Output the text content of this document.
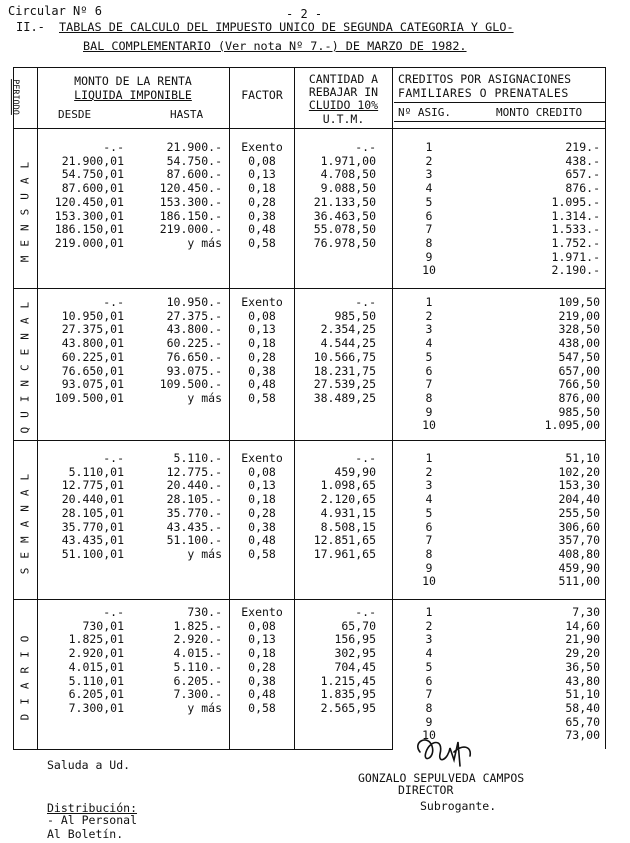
Circular Nº 6	- 2 -
II.- TABLAS DE CALCULO DEL IMPUESTO UNICO DE SEGUNDA CATEGORIA Y GLO-
BAL COMPLEMENTARIO (Ver nota Nº 7.-) DE MARZO DE 1982.
PERIODO	MONTO DE LA RENTA
LIQUIDA IMPONIBLE
DESDE	HASTA
FACTOR
CANTIDAD A
REBAJAR IN
CLUIDO 10%
U.T.M.
CREDITOS POR ASIGNACIONES
FAMILIARES O PRENATALES
Nº ASIG.	MONTO CREDITO
MENSUAL
-.-	21.900.-	Exento	-.-
21.900,01	54.750.-	0,08	1.971,00
54.750,01	87.600.-	0,13	4.708,50
87.600,01	120.450.-	0,18	9.088,50
120.450,01	153.300.-	0,28	21.133,50
153.300,01	186.150.-	0,38	36.463,50
186.150,01	219.000.-	0,48	55.078,50
219.000,01	y más	0,58	76.978,50
1	219.-
2	438.-
3	657.-
4	876.-
5	1.095.-
6	1.314.-
7	1.533.-
8	1.752.-
9	1.971.-
10	2.190.-
QUINCENAL	-.-	10.950.-	Exento	-.-
10.950,01	27.375.-	0,08	985,50
27.375,01	43.800.-	0,13	2.354,25
43.800,01	60.225.-	0,18	4.544,25
60.225,01	76.650.-	0,28	10.566,75
76.650,01	93.075.-	0,38	18.231,75
93.075,01	109.500.-	0,48	27.539,25
109.500,01	y más	0,58	38.489,25
1	109,50
2	219,00
3	328,50
4	438,00
5	547,50
6	657,00
7	766,50
8	876,00
9	985,50
10	1.095,00
SEMANAL
-.-	5.110.-	Exento	-.-
5.110,01	12.775.-	0,08	459,90
12.775,01	20.440.-	0,13	1.098,65
20.440,01	28.105.-	0,18	2.120,65
28.105,01	35.770.-	0,28	4.931,15
35.770,01	43.435.-	0,38	8.508,15
43.435,01	51.100.-	0,48	12.851,65
51.100,01	y más	0,58	17.961,65
1	51,10
2	102,20
3	153,30
4	204,40
5	255,50
6	306,60
7	357,70
8	408,80
9	459,90
10	511,00
DIARIO
-.-	730.-	Exento	-.-
730,01	1.825.-	0,08	65,70
1.825,01	2.920.-	0,13	156,95
2.920,01	4.015.-	0,18	302,95
4.015,01	5.110.-	0,28	704,45
5.110,01	6.205.-	0,38	1.215,45
6.205,01	7.300.-	0,48	1.835,95
7.300,01	y más	0,58	2.565,95
1	7,30
2	14,60
3	21,90
4	29,20
5	36,50
6	43,80
7	51,10
8	58,40
9	65,70
10	73,00
Saluda a Ud.
GONZALO SEPULVEDA CAMPOS
DIRECTOR
Subrogante.
Distribución:
- Al Personal
Al Boletín.
